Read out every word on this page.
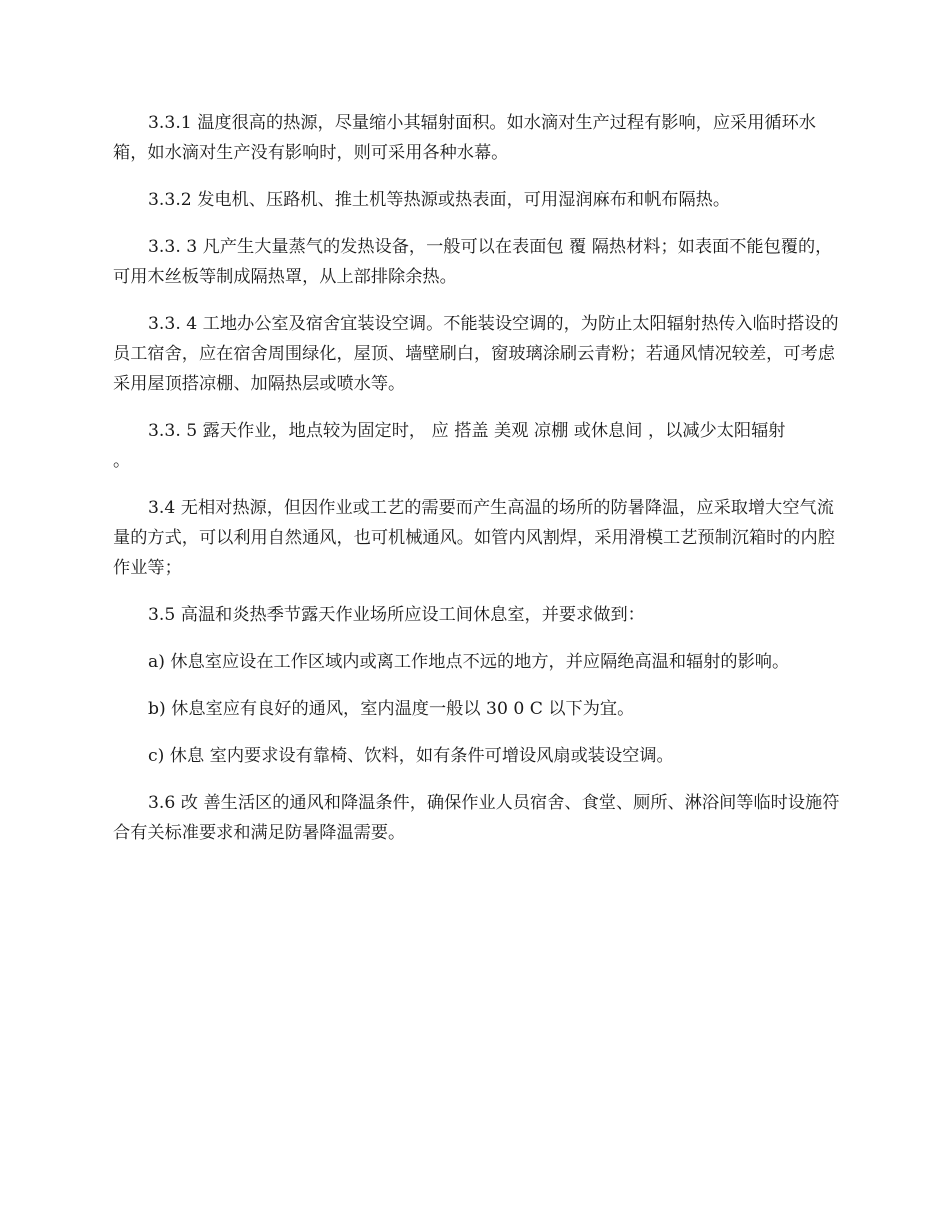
3.3.1 温度很高的热源，尽量缩小其辐射面积。如水滴对生产过程有影响，应采用循环水箱，如水滴对生产没有影响时，则可采用各种水幕。

3.3.2 发电机、压路机、推土机等热源或热表面，可用湿润麻布和帆布隔热。

3.3. 3 凡产生大量蒸气的发热设备，一般可以在表面包 覆 隔热材料；如表面不能包覆的，可用木丝板等制成隔热罩，从上部排除余热。

3.3. 4 工地办公室及宿舍宜装设空调。不能装设空调的，为防止太阳辐射热传入临时搭设的员工宿舍，应在宿舍周围绿化，屋顶、墙壁刷白，窗玻璃涂刷云青粉；若通风情况较差，可考虑采用屋顶搭凉棚、加隔热层或喷水等。

3.3. 5 露天作业，地点较为固定时， 应 搭盖 美观 凉棚 或休息间 ，以减少太阳辐射 。

3.4 无相对热源，但因作业或工艺的需要而产生高温的场所的防暑降温，应采取增大空气流量的方式，可以利用自然通风，也可机械通风。如管内风割焊，采用滑模工艺预制沉箱时的内腔作业等；

3.5 高温和炎热季节露天作业场所应设工间休息室，并要求做到：

a) 休息室应设在工作区域内或离工作地点不远的地方，并应隔绝高温和辐射的影响。

b) 休息室应有良好的通风，室内温度一般以 30 0 C 以下为宜。

c) 休息 室内要求设有靠椅、饮料，如有条件可增设风扇或装设空调。

3.6 改 善生活区的通风和降温条件，确保作业人员宿舍、食堂、厕所、淋浴间等临时设施符合有关标准要求和满足防暑降温需要。
